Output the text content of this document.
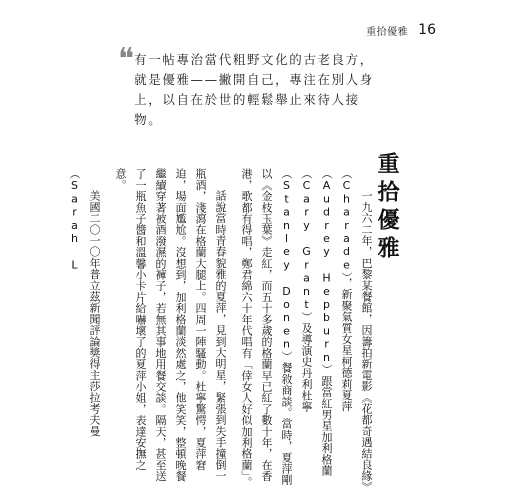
重拾優雅 16
❝ 有一帖專治當代粗野文化的古老良方，就是優雅——撇開自己，專注在別人身上，以自在於世的輕鬆舉止來待人接物。
重拾優雅

一九六二年，巴黎某餐館，因籌拍新電影《花都奇遇結良緣》（Charade），新聚氣質女星柯德莉夏萍（Audrey Hepburn）跟當紅男星加利格蘭（Cary Grant）及導演史丹利杜寧（Stanley Donen）餐敘商談。當時，夏萍剛以《金枝玉葉》走紅，而五十多歲的格蘭早已紅了數十年，在香港，歌都有得唱，鄭君綿六十年代唱有「倖女人好似加利格蘭」。

話說當時青春貌雅的夏萍，見到大明星，緊張到失手撞倒一瓶酒，淺瀉在格蘭大腿上。四周一陣騷動。杜寧驚愕，夏萍窘迫，場面尷尬。沒想到，加利格蘭淡然處之，他笑笑，整頓晚餐繼續穿著被酒潑濕的褲子，若無其事地用餐交談。隔天，甚至送了一瓶魚子醬和溫馨小卡片給嚇壞了的夏萍小姐，表達安撫之意。

美國二〇一〇年普立茲新聞評論獎得主莎拉考夫曼（Sarah L
